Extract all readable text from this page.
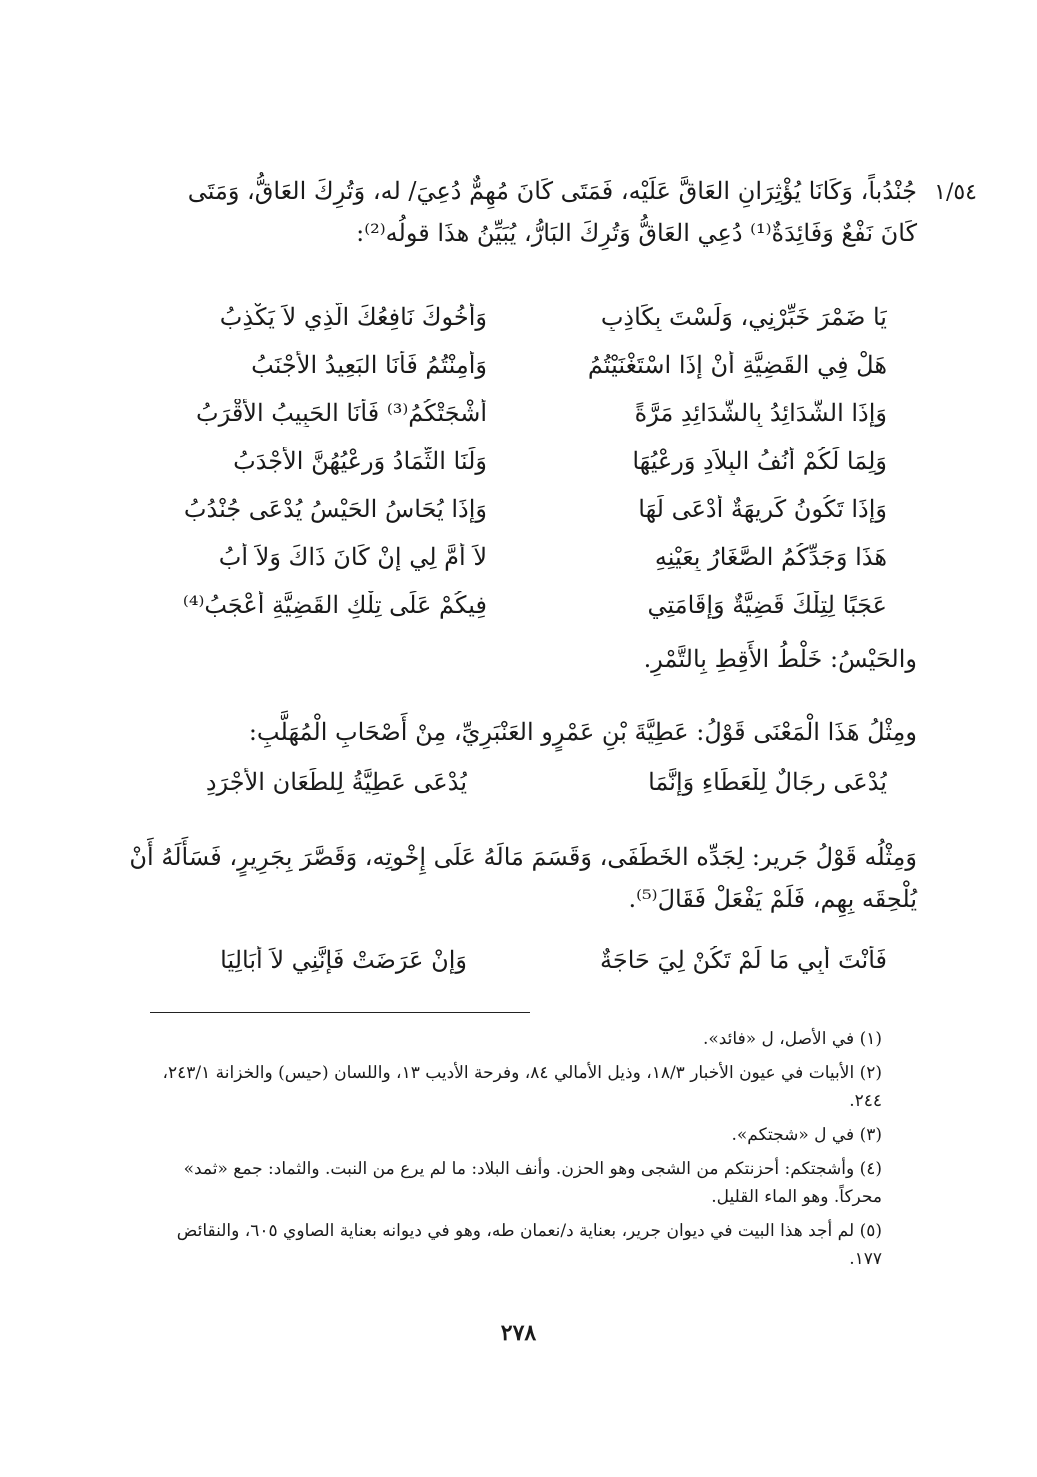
١/٥٤
جُنْدُباً، وَكَانَا يُؤْثِرَانِ العَاقَّ عَلَيْه، فَمَتَى كَانَ مُهِمٌّ دُعِيَ/ له، وَتُرِكَ العَاقُّ، وَمَتَى
كَانَ نَفْعٌ وَفَائِدَةٌ⁽¹⁾ دُعِي العَاقُّ وَتُرِكَ البَارُّ، يُبَيِّنُ هذَا قولُه⁽²⁾:
يَا ضَمْرَ خَبِّرْنِي، وَلَسْتَ بِكَاذِبٍ
وَأَخُوكَ نَافِعُكَ الَّذِي لاَ يَكْذِبُ
هَلْ فِي القَضِيَّةِ أَنْ إِذَا اسْتَغْنَيْتُمُ
وَأَمِنْتُمُ فَأَنَا البَعِيدُ الأَجْنَبُ
وَإِذَا الشَّدَائِدُ بِالشَّدَائِدِ مَرَّةً
أَشْجَتْكُمُ⁽³⁾ فَأَنَا الحَبِيبُ الأَقْرَبُ
وَلِمَا لَكُمْ أُنُفُ البِلاَدِ وَرِعْيُهَا
وَلَنَا الثِّمَادُ وَرِعْيُهُنَّ الأَجْدَبُ
وَإِذَا تَكُونُ كَرِيهَةٌ أُدْعَى لَهَا
وَإِذَا يُحَاسُ الحَيْسُ يُدْعَى جُنْدُبُ
هَذَا وَجَدِّكُمُ الصَّغَارُ بِعَيْنِهِ
لاَ أُمَّ لِي إِنْ كَانَ ذَاكَ وَلاَ أَبُ
عَجَبًا لِتِلْكَ قَضِيَّةٌ وَإِقَامَتِي
فِيكُمْ عَلَى تِلْكِ القَضِيَّةِ أَعْجَبُ⁽⁴⁾
والحَيْسُ: خَلْطُ الأَقِطِ بِالتَّمْرِ.
ومِثْلُ هَذَا الْمَعْنَى قَوْلُ: عَطِيَّةَ بْنِ عَمْرٍو العَنْبَرِيِّ، مِنْ أَصْحَابِ الْمُهَلَّبِ:
يُدْعَى رِجَالٌ لِلْعَطَاءِ وَإِنَّمَا
يُدْعَى عَطِيَّةُ لِلطِّعَانِ الأَجْرَدِ
وَمِثْلُه قَوْلُ جَرير: لِجَدِّه الخَطَفَى، وَقَسَمَ مَالَهُ عَلَى إِخْوتِه، وَقَصَّرَ بِجَرِيرٍ، فَسَأَلَهُ أَنْ
يُلْحِقَه بِهِم، فَلَمْ يَفْعَلْ فَقَالَ⁽⁵⁾.
فَأَنْتَ أَبِي مَا لَمْ تَكُنْ لِيَ حَاجَةٌ
وَإِنْ عَرَضَتْ فَإِنَّنِي لاَ أَبَالِيَا

(١) في الأصل، ل «فائد».

(٢) الأبيات في عيون الأخبار ١٨/٣، وذيل الأمالي ٨٤، وفرحة الأديب ١٣، واللسان (حيس) والخزانة ٢٤٣/١، ٢٤٤.

(٣) في ل «شجتكم».

(٤) وأشجتكم: أحزنتكم من الشجى وهو الحزن. وأنف البلاد: ما لم يرع من النبت. والثماد: جمع «ثمد» محركاً. وهو الماء القليل.

(٥) لم أجد هذا البيت في ديوان جرير، بعناية د/نعمان طه، وهو في ديوانه بعناية الصاوي ٦٠٥، والنقائض ١٧٧.

٢٧٨
